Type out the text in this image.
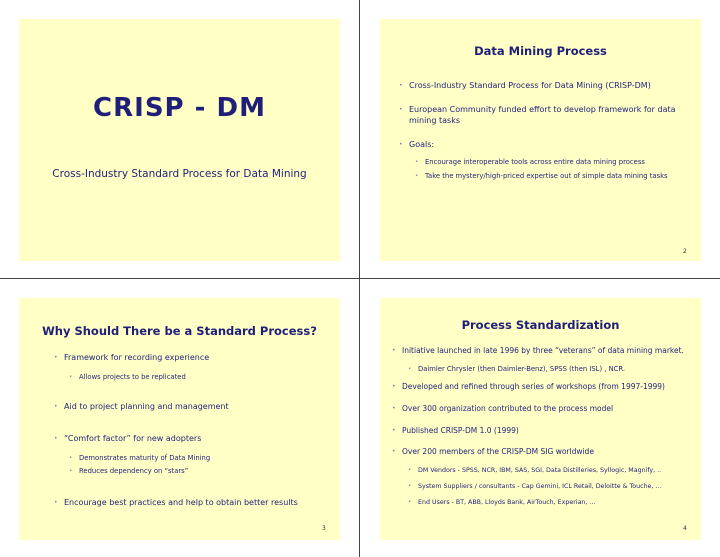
CRISP - DM
Cross-Industry Standard Process for Data Mining
Data Mining Process
• Cross-Industry Standard Process for Data Mining (CRISP-DM)
• European Community funded effort to develop framework for data mining tasks
• Goals:
• Encourage interoperable tools across entire data mining process
• Take the mystery/high-priced expertise out of simple data mining tasks
2
Why Should There be a Standard Process?
• Framework for recording experience
• Allows projects to be replicated
• Aid to project planning and management
• “Comfort factor” for new adopters
• Demonstrates maturity of Data Mining
• Reduces dependency on “stars”
• Encourage best practices and help to obtain better results
3
Process Standardization
• Initiative launched in late 1996 by three “veterans” of data mining market.
• Daimler Chrysler (then Daimler-Benz), SPSS (then ISL) , NCR.
• Developed and refined through series of workshops (from 1997-1999)
• Over 300 organization contributed to the process model
• Published CRISP-DM 1.0 (1999)
• Over 200 members of the CRISP-DM SIG worldwide
• DM Vendors - SPSS, NCR, IBM, SAS, SGI, Data Distilleries, Syllogic, Magnify, ..
• System Suppliers / consultants - Cap Gemini, ICL Retail, Deloitte & Touche, …
• End Users - BT, ABB, Lloyds Bank, AirTouch, Experian, ...
4
